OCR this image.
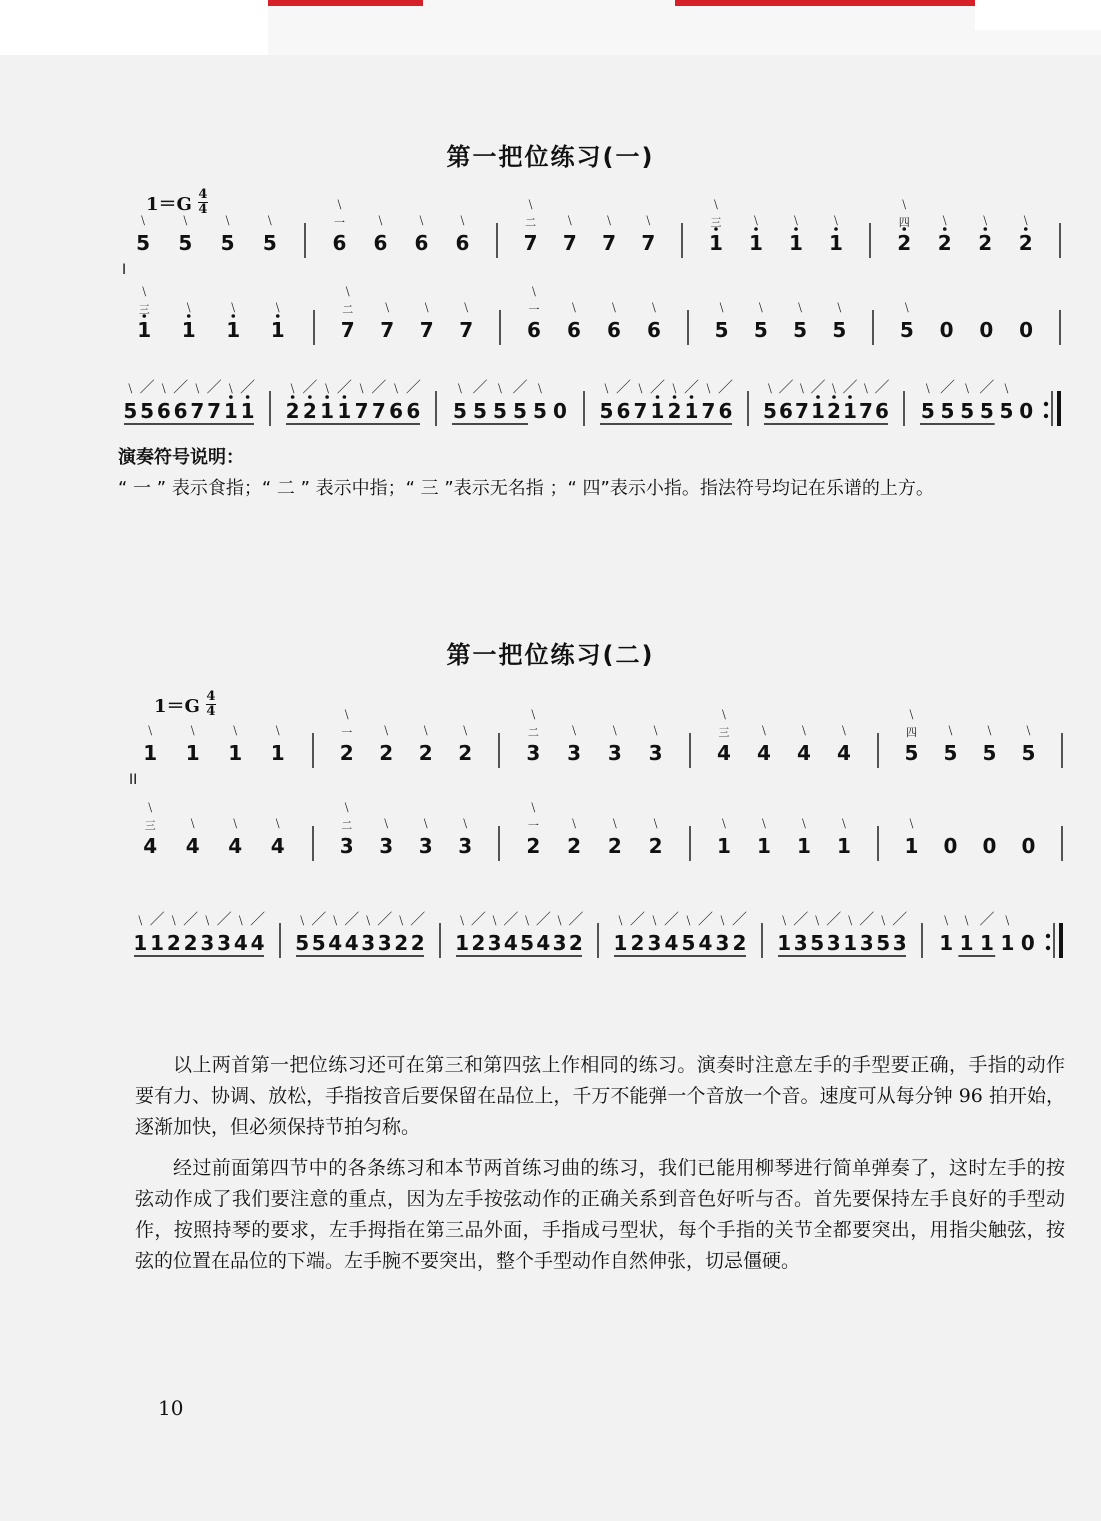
第一把位练习(一)
1＝G 4
4
第一把位练习(二)
1＝G 4
4
5
﹨
5
﹨
5
﹨
5
﹨
6
﹨
一
6
﹨
6
﹨
6
﹨
7
﹨
二
7
﹨
7
﹨
7
﹨
1
﹨
三
1
﹨
1
﹨
1
﹨
2
﹨
四
2
﹨
2
﹨
2
﹨
I
1
﹨
三
1
﹨
1
﹨
1
﹨
7
﹨
二
7
﹨
7
﹨
7
﹨
6
﹨
一
6
﹨
6
﹨
6
﹨
5
﹨
5
﹨
5
﹨
5
﹨
5
﹨
0 0 0
5
﹨
5
／
6
﹨
6
／
7
﹨
7
／
1
﹨
1
／
2
﹨
2
／
1
﹨
1
／
7
﹨
7
／
6
﹨
6
／
5
﹨
5
／
5
﹨
5
／
5
﹨
0 5
﹨
6
／
7
﹨
1
／
2
﹨
1
／
7
﹨
6
／
5
﹨
6
／
7
﹨
1
／
2
﹨
1
／
7
﹨
6
／
5
﹨
5
／
5
﹨
5
／
5
﹨
0
1
﹨
1
﹨
1
﹨
1
﹨
2
﹨
一
2
﹨
2
﹨
2
﹨
3
﹨
二
3
﹨
3
﹨
3
﹨
4
﹨
三
4
﹨
4
﹨
4
﹨
5
﹨
四
5
﹨
5
﹨
5
﹨
II
4
﹨
三
4
﹨
4
﹨
4
﹨
3
﹨
二
3
﹨
3
﹨
3
﹨
2
﹨
一
2
﹨
2
﹨
2
﹨
1
﹨
1
﹨
1
﹨
1
﹨
1
﹨
0 0 0
1
﹨
1
／
2
﹨
2
／
3
﹨
3
／
4
﹨
4
／
5
﹨
5
／
4
﹨
4
／
3
﹨
3
／
2
﹨
2
／
1
﹨
2
／
3
﹨
4
／
5
﹨
4
／
3
﹨
2
／
1
﹨
2
／
3
﹨
4
／
5
﹨
4
／
3
﹨
2
／
1
﹨
3
／
5
﹨
3
／
1
﹨
3
／
5
﹨
3
／
1
﹨
1
﹨
1
／
1
﹨
0
演奏符号说明：
“ 一 ” 表示食指；“ 二 ” 表示中指；“ 三 ”表示无名指 ；“ 四”表示小指。指法符号均记在乐谱的上方。
以上两首第一把位练习还可在第三和第四弦上作相同的练习。演奏时注意左手的手型要正确，手指的动作要有力、协调、放松，手指按音后要保留在品位上，千万不能弹一个音放一个音。速度可从每分钟 96 拍开始，逐渐加快，但必须保持节拍匀称。
经过前面第四节中的各条练习和本节两首练习曲的练习，我们已能用柳琴进行简单弹奏了，这时左手的按弦动作成了我们要注意的重点，因为左手按弦动作的正确关系到音色好听与否。首先要保持左手良好的手型动作，按照持琴的要求，左手拇指在第三品外面，手指成弓型状，每个手指的关节全都要突出，用指尖触弦，按弦的位置在品位的下端。左手腕不要突出，整个手型动作自然伸张，切忌僵硬。
10
